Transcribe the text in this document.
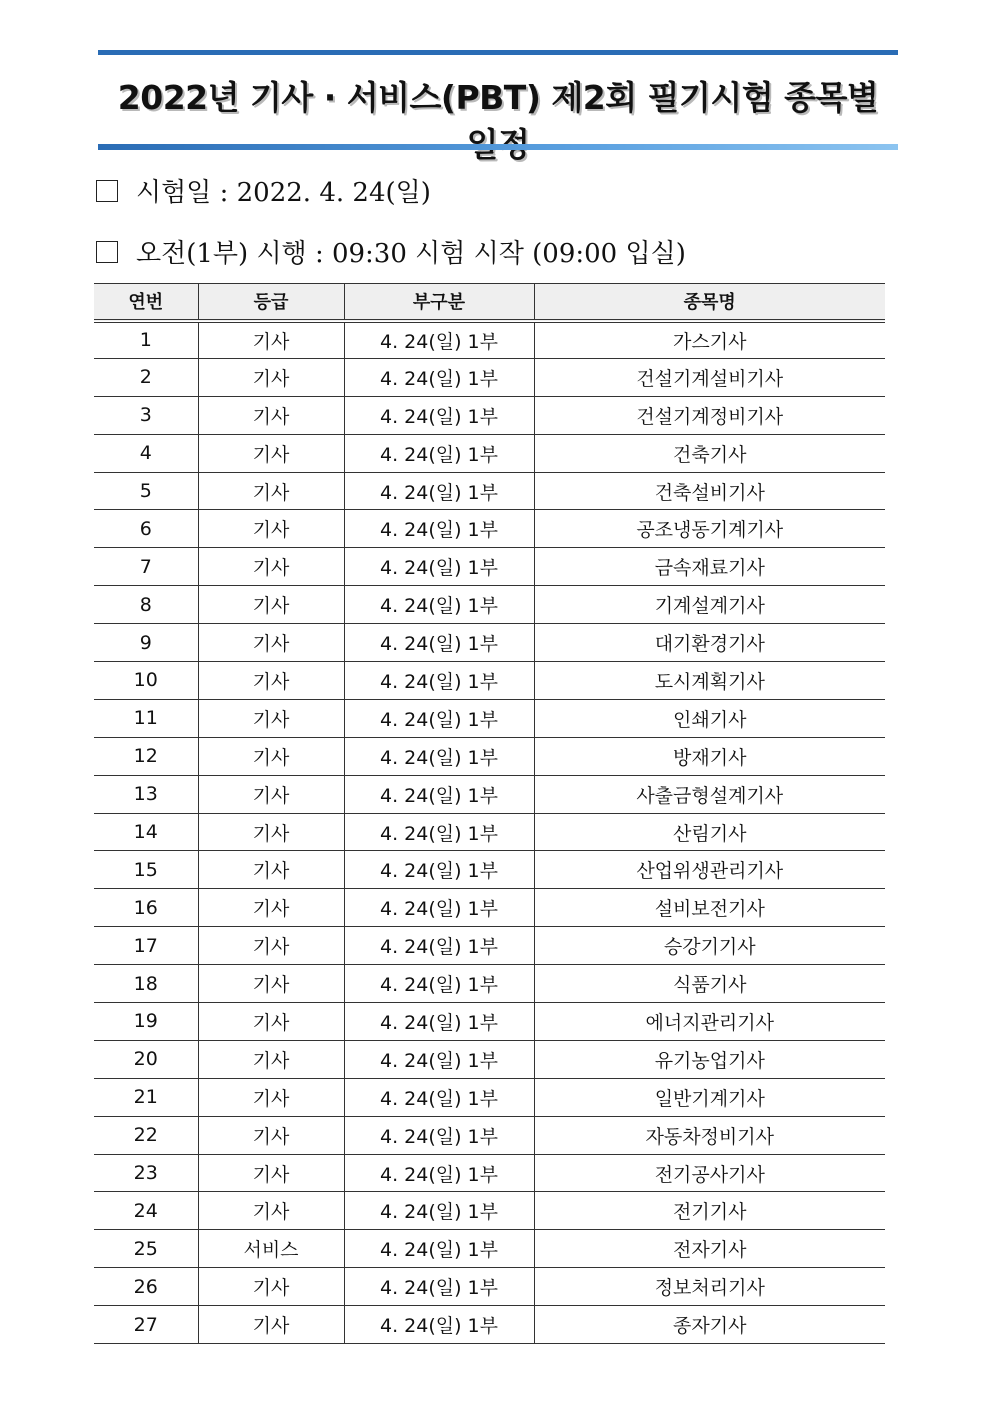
2022년 기사 · 서비스(PBT) 제2회 필기시험 종목별
시험일 : 2022. 4. 24(일)
오전(1부) 시행 : 09:30 시험 시작 (09:00 입실)
연번	등급	부구분	종목명
1	기사	4. 24(일) 1부	가스기사
2	기사	4. 24(일) 1부	건설기계설비기사
3	기사	4. 24(일) 1부	건설기계정비기사
4	기사	4. 24(일) 1부	건축기사
5	기사	4. 24(일) 1부	건축설비기사
6	기사	4. 24(일) 1부	공조냉동기계기사
7	기사	4. 24(일) 1부	금속재료기사
8	기사	4. 24(일) 1부	기계설계기사
9	기사	4. 24(일) 1부	대기환경기사
10	기사	4. 24(일) 1부	도시계획기사
11	기사	4. 24(일) 1부	인쇄기사
12	기사	4. 24(일) 1부	방재기사
13	기사	4. 24(일) 1부	사출금형설계기사
14	기사	4. 24(일) 1부	산림기사
15	기사	4. 24(일) 1부	산업위생관리기사
16	기사	4. 24(일) 1부	설비보전기사
17	기사	4. 24(일) 1부	승강기기사
18	기사	4. 24(일) 1부	식품기사
19	기사	4. 24(일) 1부	에너지관리기사
20	기사	4. 24(일) 1부	유기농업기사
21	기사	4. 24(일) 1부	일반기계기사
22	기사	4. 24(일) 1부	자동차정비기사
23	기사	4. 24(일) 1부	전기공사기사
24	기사	4. 24(일) 1부	전기기사
25	서비스	4. 24(일) 1부	전자기사
26	기사	4. 24(일) 1부	정보처리기사
27	기사	4. 24(일) 1부	종자기사
